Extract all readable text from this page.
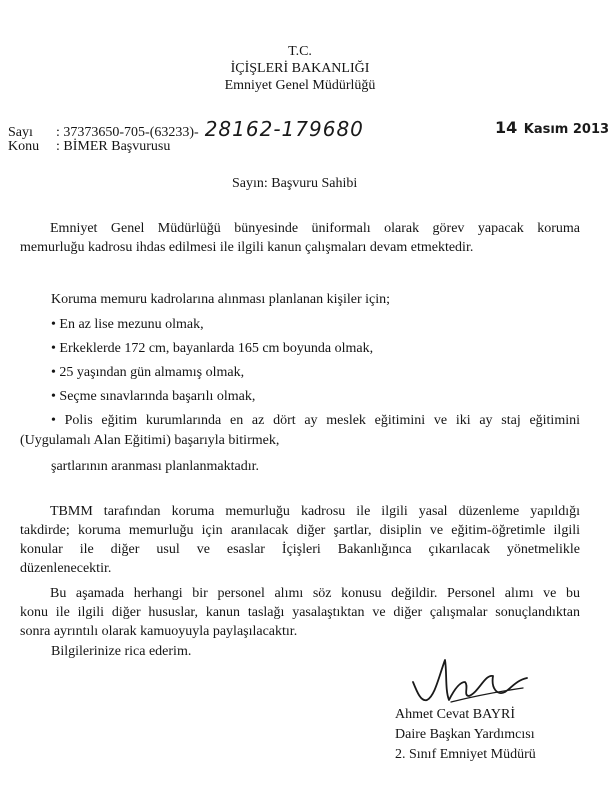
T.C.
İÇİŞLERİ BAKANLIĞI
Emniyet Genel Müdürlüğü
Sayı : 37373650-705-(63233)- 28162-179680	14 Kasım 2013
Konu : BİMER Başvurusu
Sayın: Başvuru Sahibi
Emniyet Genel Müdürlüğü bünyesinde üniformalı olarak görev yapacak koruma
memurluğu kadrosu ihdas edilmesi ile ilgili kanun çalışmaları devam etmektedir.
Koruma memuru kadrolarına alınması planlanan kişiler için;
• En az lise mezunu olmak,
• Erkeklerde 172 cm, bayanlarda 165 cm boyunda olmak,
• 25 yaşından gün almamış olmak,
• Seçme sınavlarında başarılı olmak,
• Polis eğitim kurumlarında en az dört ay meslek eğitimini ve iki ay staj eğitimini
(Uygulamalı Alan Eğitimi) başarıyla bitirmek,
şartlarının aranması planlanmaktadır.
TBMM tarafından koruma memurluğu kadrosu ile ilgili yasal düzenleme yapıldığı
takdirde; koruma memurluğu için aranılacak diğer şartlar, disiplin ve eğitim-öğretimle ilgili
konular ile diğer usul ve esaslar İçişleri Bakanlığınca çıkarılacak yönetmelikle
düzenlenecektir.
Bu aşamada herhangi bir personel alımı söz konusu değildir. Personel alımı ve bu
konu ile ilgili diğer hususlar, kanun taslağı yasalaştıktan ve diğer çalışmalar sonuçlandıktan
sonra ayrıntılı olarak kamuoyuyla paylaşılacaktır.
Bilgilerinize rica ederim.
Ahmet Cevat BAYRİ
Daire Başkan Yardımcısı
2. Sınıf Emniyet Müdürü
